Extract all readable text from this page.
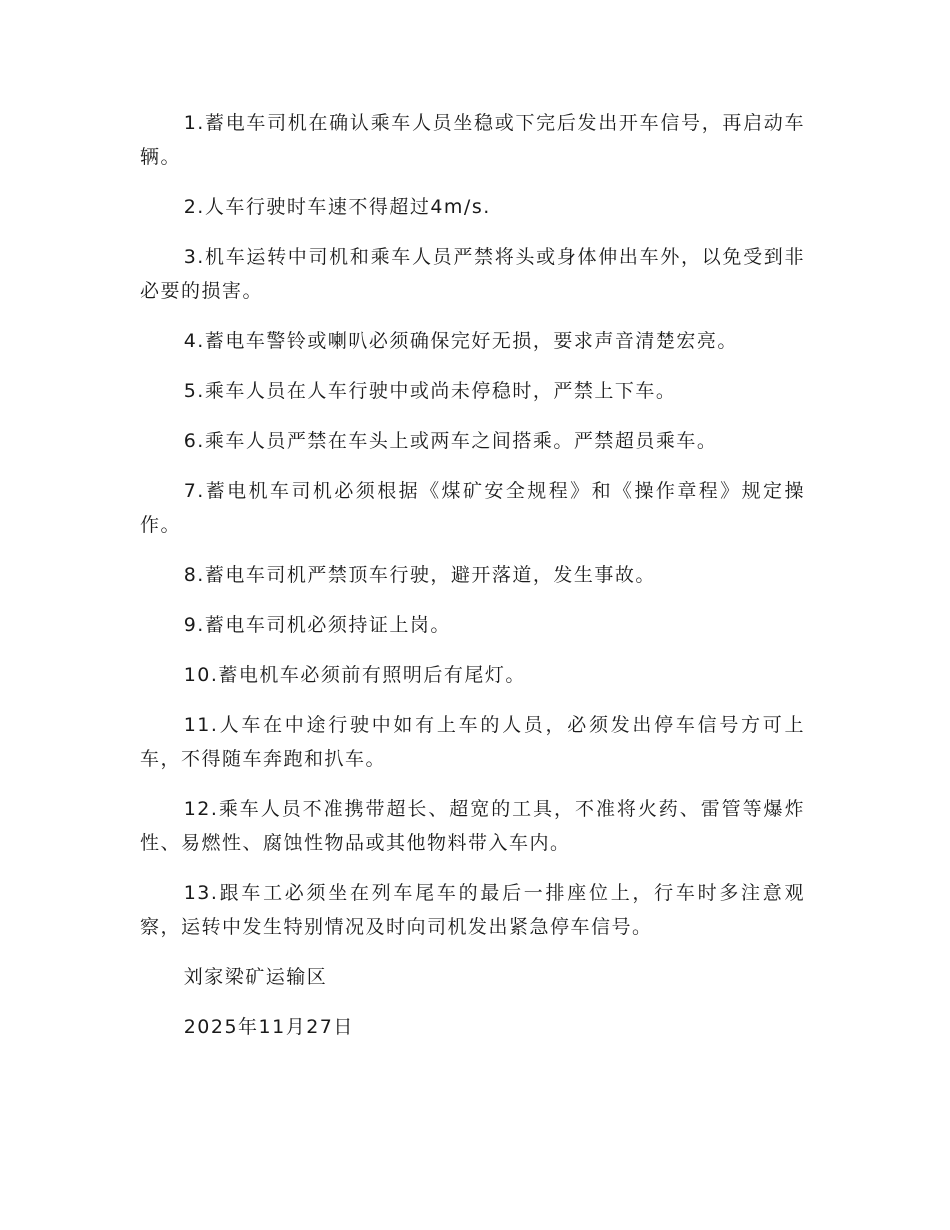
1.蓄电车司机在确认乘车人员坐稳或下完后发出开车信号，再启动车辆。

2.人车行驶时车速不得超过4m/s.

3.机车运转中司机和乘车人员严禁将头或身体伸出车外，以免受到非必要的损害。

4.蓄电车警铃或喇叭必须确保完好无损，要求声音清楚宏亮。

5.乘车人员在人车行驶中或尚未停稳时，严禁上下车。

6.乘车人员严禁在车头上或两车之间搭乘。严禁超员乘车。

7.蓄电机车司机必须根据《煤矿安全规程》和《操作章程》规定操作。

8.蓄电车司机严禁顶车行驶，避开落道，发生事故。

9.蓄电车司机必须持证上岗。

10.蓄电机车必须前有照明后有尾灯。

11.人车在中途行驶中如有上车的人员，必须发出停车信号方可上车，不得随车奔跑和扒车。

12.乘车人员不准携带超长、超宽的工具，不准将火药、雷管等爆炸性、易燃性、腐蚀性物品或其他物料带入车内。

13.跟车工必须坐在列车尾车的最后一排座位上，行车时多注意观察，运转中发生特别情况及时向司机发出紧急停车信号。

刘家梁矿运输区

2025年11月27日
